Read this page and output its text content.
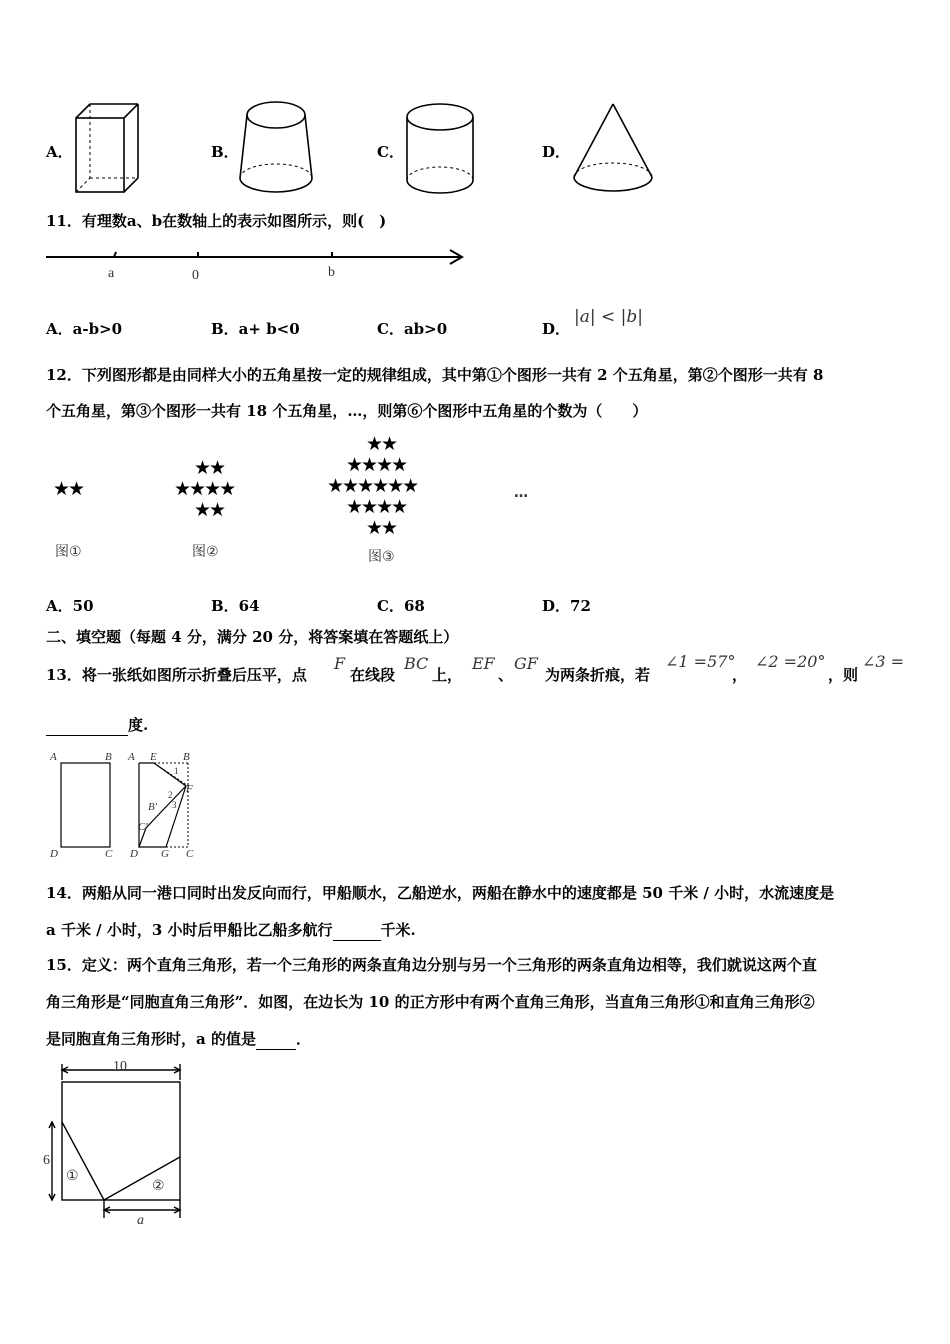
A．	B．	C．	D．
11．有理数a、b在数轴上的表示如图所示，则(　)
a	0	b
A．a-b>0	B．a+ b<0	C．ab>0	D．
|a| < |b|
12．下列图形都是由同样大小的五角星按一定的规律组成，其中第①个图形一共有 2 个五角星，第②个图形一共有 8
个五角星，第③个图形一共有 18 个五角星，…，则第⑥个图形中五角星的个数为（　　）
★★
图①
★★
★★★★
★★
图②
★★
★★★★
★★★★★★
★★★★
★★
图③
…
A．50	B．64	C．68	D．72
二、填空题（每题 4 分，满分 20 分，将答案填在答题纸上）
13．将一张纸如图所示折叠后压平，点
F
在线段
BC
上，
EF
、
GF
为两条折痕，若
∠1 =57°
，
∠2 =20°
，则
∠3 =
度.
A	B
D	C
A E B
1
F
B′
2
3
C′
D G C
14．两船从同一港口同时出发反向而行，甲船顺水，乙船逆水，两船在静水中的速度都是 50 千米 / 小时，水流速度是
a 千米 / 小时，3 小时后甲船比乙船多航行	千米.
15．定义：两个直角三角形，若一个三角形的两条直角边分别与另一个三角形的两条直角边相等，我们就说这两个直
角三角形是“同胞直角三角形”．如图，在边长为 10 的正方形中有两个直角三角形，当直角三角形①和直角三角形②
是同胞直角三角形时，a 的值是	．
10
6
①
②
a
